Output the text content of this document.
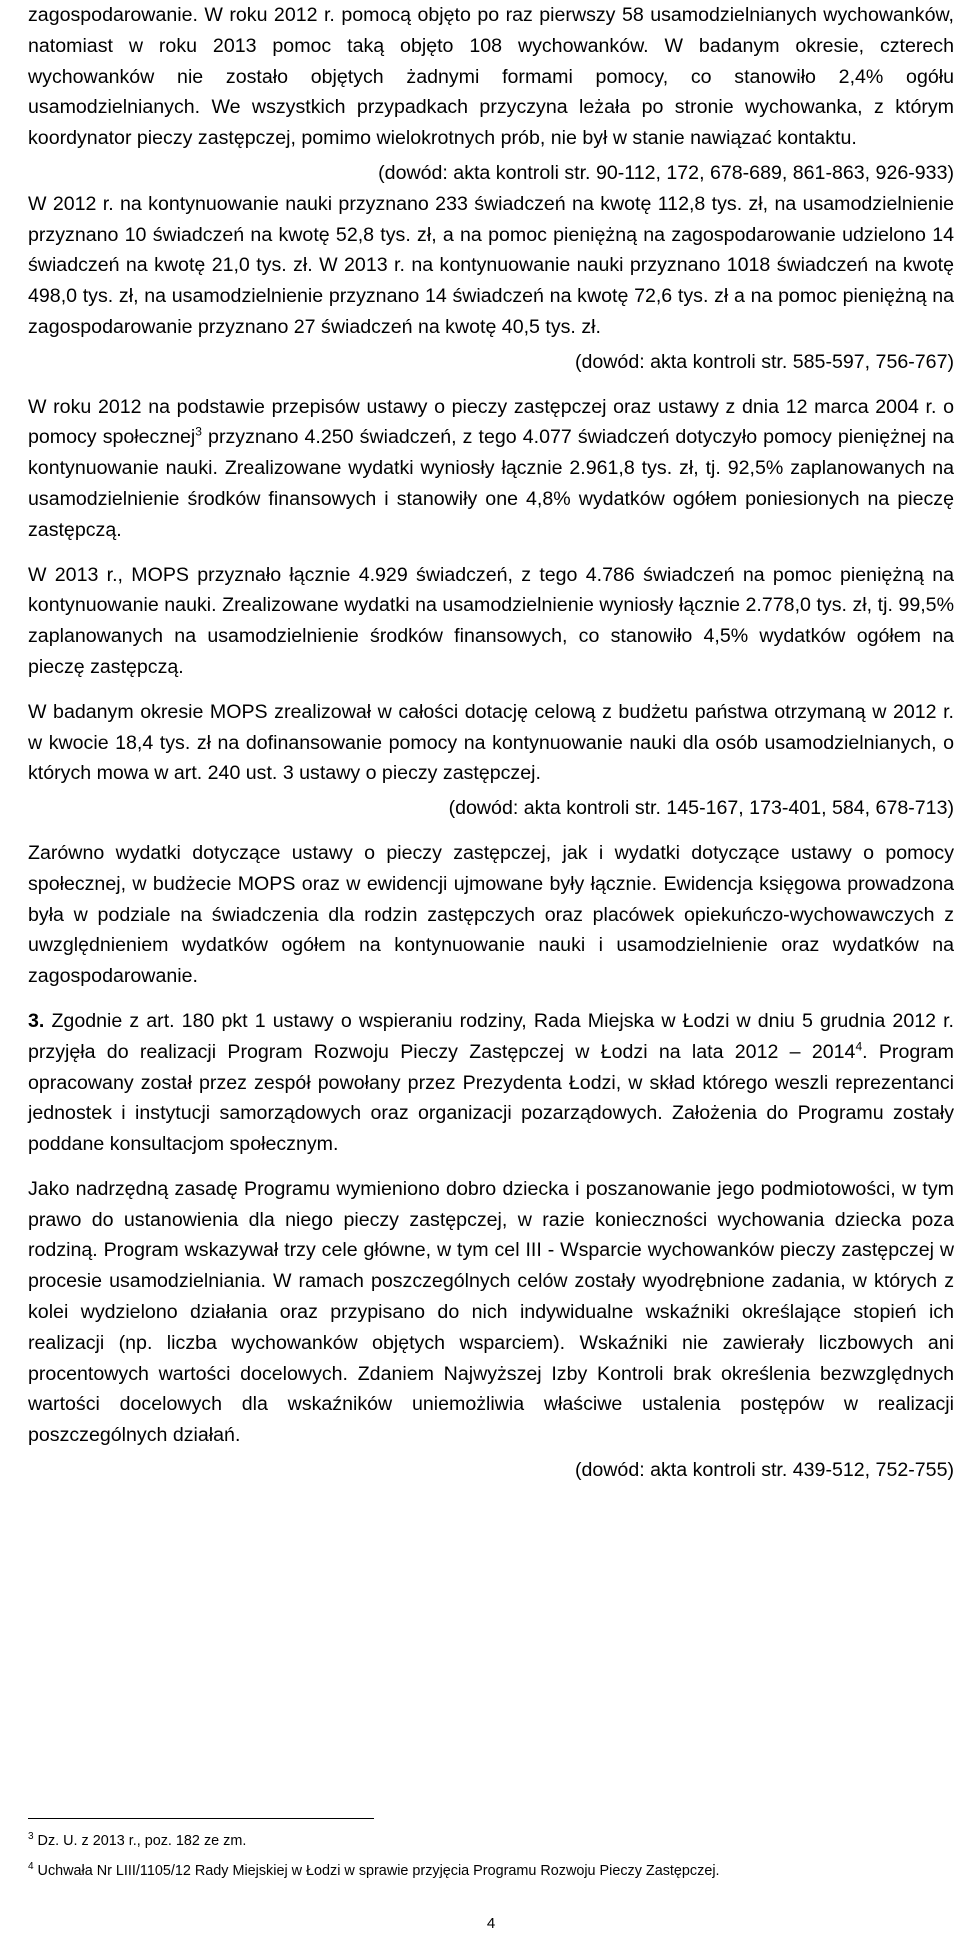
zagospodarowanie. W roku 2012 r. pomocą objęto po raz pierwszy 58 usamodzielnianych wychowanków, natomiast w roku 2013 pomoc taką objęto 108 wychowanków. W badanym okresie, czterech wychowanków nie zostało objętych żadnymi formami pomocy, co stanowiło 2,4% ogółu usamodzielnianych. We wszystkich przypadkach przyczyna leżała po stronie wychowanka, z którym koordynator pieczy zastępczej, pomimo wielokrotnych prób, nie był w stanie nawiązać kontaktu.

(dowód: akta kontroli str. 90-112, 172, 678-689, 861-863, 926-933)

W 2012 r. na kontynuowanie nauki przyznano 233 świadczeń na kwotę 112,8 tys. zł, na usamodzielnienie przyznano 10 świadczeń na kwotę 52,8 tys. zł, a na pomoc pieniężną na zagospodarowanie udzielono 14 świadczeń na kwotę 21,0 tys. zł. W 2013 r. na kontynuowanie nauki przyznano 1018 świadczeń na kwotę 498,0 tys. zł, na usamodzielnienie przyznano 14 świadczeń na kwotę 72,6 tys. zł a na pomoc pieniężną na zagospodarowanie przyznano 27 świadczeń na kwotę 40,5 tys. zł.

(dowód: akta kontroli str. 585-597, 756-767)

W roku 2012 na podstawie przepisów ustawy o pieczy zastępczej oraz ustawy z dnia 12 marca 2004 r. o pomocy społecznej$^3$ przyznano 4.250 świadczeń, z tego 4.077 świadczeń dotyczyło pomocy pieniężnej na kontynuowanie nauki. Zrealizowane wydatki wyniosły łącznie 2.961,8 tys. zł, tj. 92,5% zaplanowanych na usamodzielnienie środków finansowych i stanowiły one 4,8% wydatków ogółem poniesionych na pieczę zastępczą.

W 2013 r., MOPS przyznało łącznie 4.929 świadczeń, z tego 4.786 świadczeń na pomoc pieniężną na kontynuowanie nauki. Zrealizowane wydatki na usamodzielnienie wyniosły łącznie 2.778,0 tys. zł, tj. 99,5% zaplanowanych na usamodzielnienie środków finansowych, co stanowiło 4,5% wydatków ogółem na pieczę zastępczą.

W badanym okresie MOPS zrealizował w całości dotację celową z budżetu państwa otrzymaną w 2012 r. w kwocie 18,4 tys. zł na dofinansowanie pomocy na kontynuowanie nauki dla osób usamodzielnianych, o których mowa w art. 240 ust. 3 ustawy o pieczy zastępczej.

(dowód: akta kontroli str. 145-167, 173-401, 584, 678-713)

Zarówno wydatki dotyczące ustawy o pieczy zastępczej, jak i wydatki dotyczące ustawy o pomocy społecznej, w budżecie MOPS oraz w ewidencji ujmowane były łącznie. Ewidencja księgowa prowadzona była w podziale na świadczenia dla rodzin zastępczych oraz placówek opiekuńczo-wychowawczych z uwzględnieniem wydatków ogółem na kontynuowanie nauki i usamodzielnienie oraz wydatków na zagospodarowanie.

3. Zgodnie z art. 180 pkt 1 ustawy o wspieraniu rodziny, Rada Miejska w Łodzi w dniu 5 grudnia 2012 r. przyjęła do realizacji Program Rozwoju Pieczy Zastępczej w Łodzi na lata 2012 – 2014$^4$. Program opracowany został przez zespół powołany przez Prezydenta Łodzi, w skład którego weszli reprezentanci jednostek i instytucji samorządowych oraz organizacji pozarządowych. Założenia do Programu zostały poddane konsultacjom społecznym.

Jako nadrzędną zasadę Programu wymieniono dobro dziecka i poszanowanie jego podmiotowości, w tym prawo do ustanowienia dla niego pieczy zastępczej, w razie konieczności wychowania dziecka poza rodziną. Program wskazywał trzy cele główne, w tym cel III - Wsparcie wychowanków pieczy zastępczej w procesie usamodzielniania. W ramach poszczególnych celów zostały wyodrębnione zadania, w których z kolei wydzielono działania oraz przypisano do nich indywidualne wskaźniki określające stopień ich realizacji (np. liczba wychowanków objętych wsparciem). Wskaźniki nie zawierały liczbowych ani procentowych wartości docelowych. Zdaniem Najwyższej Izby Kontroli brak określenia bezwzględnych wartości docelowych dla wskaźników uniemożliwia właściwe ustalenia postępów w realizacji poszczególnych działań.

(dowód: akta kontroli str. 439-512, 752-755)

$^3$ Dz. U. z 2013 r., poz. 182 ze zm.

$^4$ Uchwała Nr LIII/1105/12 Rady Miejskiej w Łodzi w sprawie przyjęcia Programu Rozwoju Pieczy Zastępczej.

4
